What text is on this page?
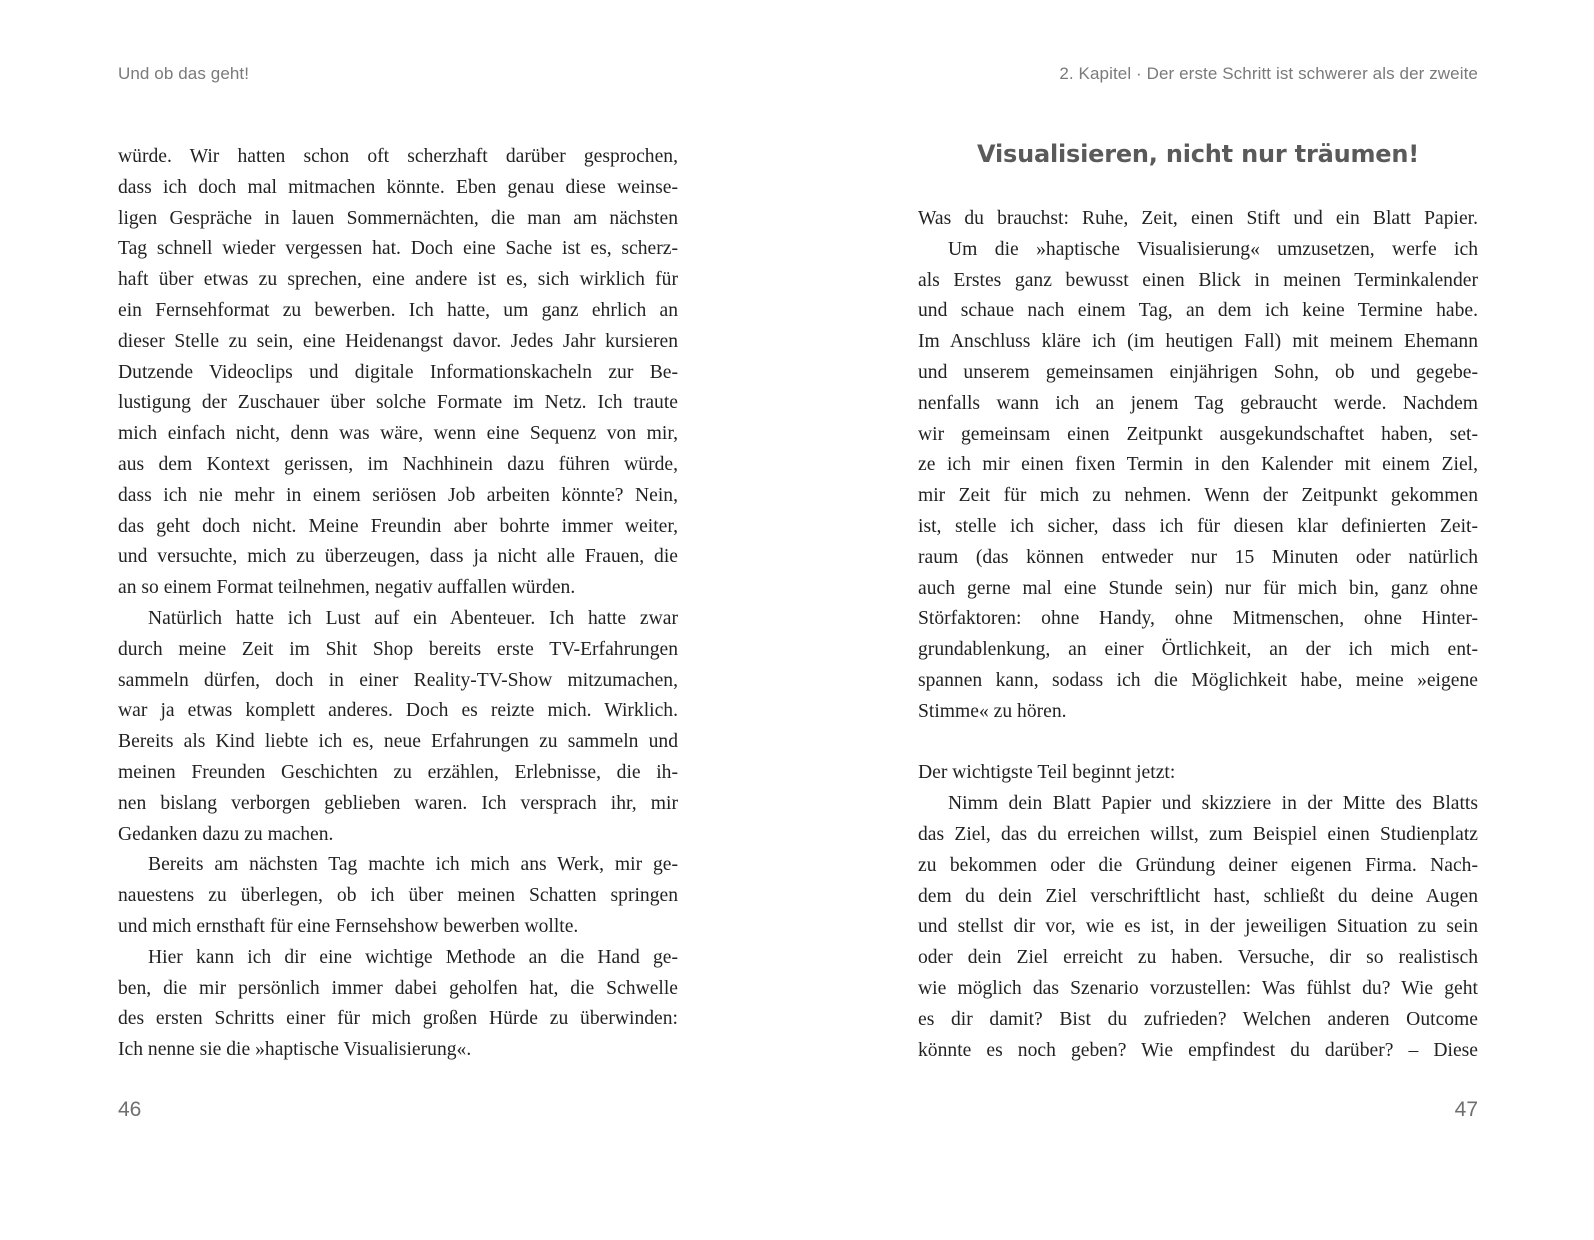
Und ob das geht!

würde. Wir hatten schon oft scherzhaft darüber gesprochen,

dass ich doch mal mitmachen könnte. Eben genau diese weinse-

ligen Gespräche in lauen Sommernächten, die man am nächsten

Tag schnell wieder vergessen hat. Doch eine Sache ist es, scherz-

haft über etwas zu sprechen, eine andere ist es, sich wirklich für

ein Fernsehformat zu bewerben. Ich hatte, um ganz ehrlich an

dieser Stelle zu sein, eine Heidenangst davor. Jedes Jahr kursieren

Dutzende Videoclips und digitale Informationskacheln zur Be-

lustigung der Zuschauer über solche Formate im Netz. Ich traute

mich einfach nicht, denn was wäre, wenn eine Sequenz von mir,

aus dem Kontext gerissen, im Nachhinein dazu führen würde,

dass ich nie mehr in einem seriösen Job arbeiten könnte? Nein,

das geht doch nicht. Meine Freundin aber bohrte immer weiter,

und versuchte, mich zu überzeugen, dass ja nicht alle Frauen, die

an so einem Format teilnehmen, negativ auffallen würden.

Natürlich hatte ich Lust auf ein Abenteuer. Ich hatte zwar

durch meine Zeit im Shit Shop bereits erste TV-Erfahrungen

sammeln dürfen, doch in einer Reality-TV-Show mitzumachen,

war ja etwas komplett anderes. Doch es reizte mich. Wirklich.

Bereits als Kind liebte ich es, neue Erfahrungen zu sammeln und

meinen Freunden Geschichten zu erzählen, Erlebnisse, die ih-

nen bislang verborgen geblieben waren. Ich versprach ihr, mir

Gedanken dazu zu machen.

Bereits am nächsten Tag machte ich mich ans Werk, mir ge-

nauestens zu überlegen, ob ich über meinen Schatten springen

und mich ernsthaft für eine Fernsehshow bewerben wollte.

Hier kann ich dir eine wichtige Methode an die Hand ge-

ben, die mir persönlich immer dabei geholfen hat, die Schwelle

des ersten Schritts einer für mich großen Hürde zu überwinden:

Ich nenne sie die »haptische Visualisierung«.

46
2. Kapitel · Der erste Schritt ist schwerer als der zweite
Visualisieren, nicht nur träumen!

Was du brauchst: Ruhe, Zeit, einen Stift und ein Blatt Papier.

Um die »haptische Visualisierung« umzusetzen, werfe ich

als Erstes ganz bewusst einen Blick in meinen Terminkalender

und schaue nach einem Tag, an dem ich keine Termine habe.

Im Anschluss kläre ich (im heutigen Fall) mit meinem Ehemann

und unserem gemeinsamen einjährigen Sohn, ob und gegebe-

nenfalls wann ich an jenem Tag gebraucht werde. Nachdem

wir gemeinsam einen Zeitpunkt ausgekundschaftet haben, set-

ze ich mir einen fixen Termin in den Kalender mit einem Ziel,

mir Zeit für mich zu nehmen. Wenn der Zeitpunkt gekommen

ist, stelle ich sicher, dass ich für diesen klar definierten Zeit-

raum (das können entweder nur 15 Minuten oder natürlich

auch gerne mal eine Stunde sein) nur für mich bin, ganz ohne

Störfaktoren: ohne Handy, ohne Mitmenschen, ohne Hinter-

grundablenkung, an einer Örtlichkeit, an der ich mich ent-

spannen kann, sodass ich die Möglichkeit habe, meine »eigene

Stimme« zu hören.

Der wichtigste Teil beginnt jetzt:

Nimm dein Blatt Papier und skizziere in der Mitte des Blatts

das Ziel, das du erreichen willst, zum Beispiel einen Studienplatz

zu bekommen oder die Gründung deiner eigenen Firma. Nach-

dem du dein Ziel verschriftlicht hast, schließt du deine Augen

und stellst dir vor, wie es ist, in der jeweiligen Situation zu sein

oder dein Ziel erreicht zu haben. Versuche, dir so realistisch

wie möglich das Szenario vorzustellen: Was fühlst du? Wie geht

es dir damit? Bist du zufrieden? Welchen anderen Outcome

könnte es noch geben? Wie empfindest du darüber? – Diese

47
